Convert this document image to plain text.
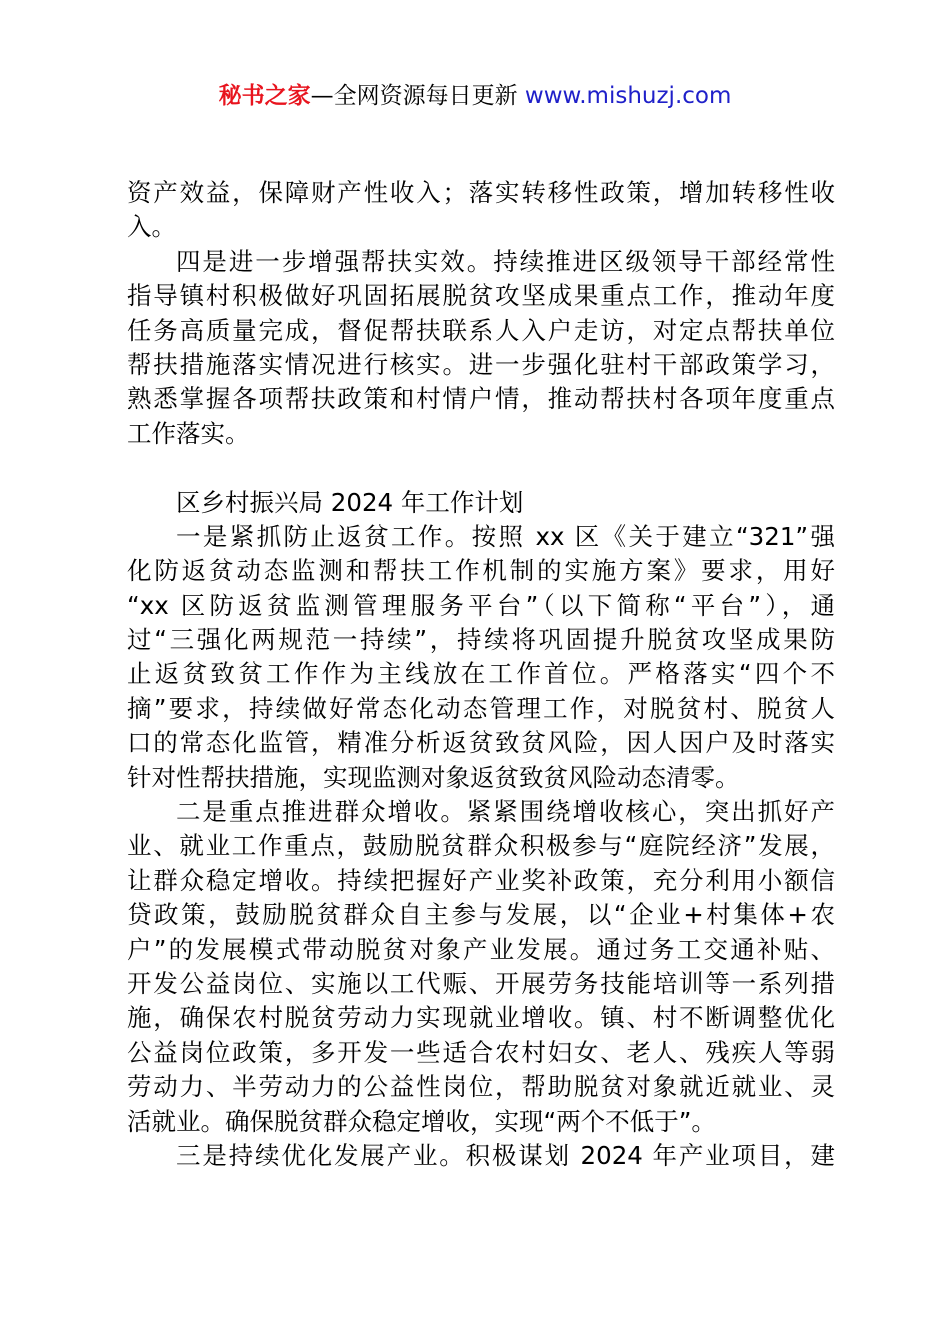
秘书之家—全网资源每日更新 www.mishuzj.com
资产效益，保障财产性收入；落实转移性政策，增加转移性收
入。
四是进一步增强帮扶实效。持续推进区级领导干部经常性
指导镇村积极做好巩固拓展脱贫攻坚成果重点工作，推动年度
任务高质量完成，督促帮扶联系人入户走访，对定点帮扶单位
帮扶措施落实情况进行核实。进一步强化驻村干部政策学习，
熟悉掌握各项帮扶政策和村情户情，推动帮扶村各项年度重点
工作落实。
区乡村振兴局 2024 年工作计划
一是紧抓防止返贫工作。按照 xx 区《关于建立“321”强
化防返贫动态监测和帮扶工作机制的实施方案》要求，用好
“xx 区防返贫监测管理服务平台”（以下简称“平台”），通
过“三强化两规范一持续”，持续将巩固提升脱贫攻坚成果防
止返贫致贫工作作为主线放在工作首位。严格落实“四个不
摘”要求，持续做好常态化动态管理工作，对脱贫村、脱贫人
口的常态化监管，精准分析返贫致贫风险，因人因户及时落实
针对性帮扶措施，实现监测对象返贫致贫风险动态清零。
二是重点推进群众增收。紧紧围绕增收核心，突出抓好产
业、就业工作重点，鼓励脱贫群众积极参与“庭院经济”发展，
让群众稳定增收。持续把握好产业奖补政策，充分利用小额信
贷政策，鼓励脱贫群众自主参与发展，以“企业+村集体+农
户”的发展模式带动脱贫对象产业发展。通过务工交通补贴、
开发公益岗位、实施以工代赈、开展劳务技能培训等一系列措
施，确保农村脱贫劳动力实现就业增收。镇、村不断调整优化
公益岗位政策，多开发一些适合农村妇女、老人、残疾人等弱
劳动力、半劳动力的公益性岗位，帮助脱贫对象就近就业、灵
活就业。确保脱贫群众稳定增收，实现“两个不低于”。
三是持续优化发展产业。积极谋划 2024 年产业项目，建
